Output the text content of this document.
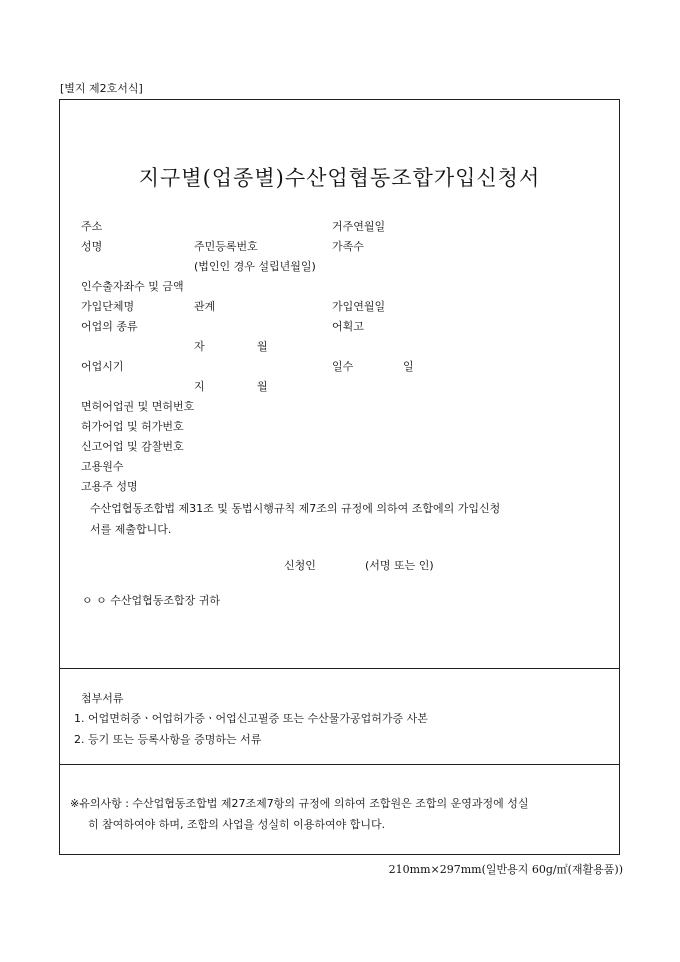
[별지 제2호서식]
지구별(업종별)수산업협동조합가입신청서
주소	거주연월일
성명	주민등록번호	가족수
(법인인 경우 설립년월일)
인수출자좌수 및 금액
가입단체명	관계	가입연월일
어업의 종류	어획고
자	월
어업시기	일수	일
지	월
면허어업권 및 면허번호
허가어업 및 허가번호
신고어업 및 감찰번호
고용원수
고용주 성명
수산업협동조합법 제31조 및 동법시행규칙 제7조의 규정에 의하여 조합에의 가입신청
서를 제출합니다.
신청인	(서명 또는 인)
ㅇ ㅇ 수산업협동조합장 귀하
첨부서류
1. 어업면허증ㆍ어업허가증ㆍ어업신고필증 또는 수산물가공업허가증 사본
2. 등기 또는 등록사항을 증명하는 서류
※유의사항 : 수산업협동조합법 제27조제7항의 규정에 의하여 조합원은 조합의 운영과정에 성실
히 참여하여야 하며, 조합의 사업을 성실히 이용하여야 합니다.
210mm×297mm(일반용지 60g/㎡(재활용품))
